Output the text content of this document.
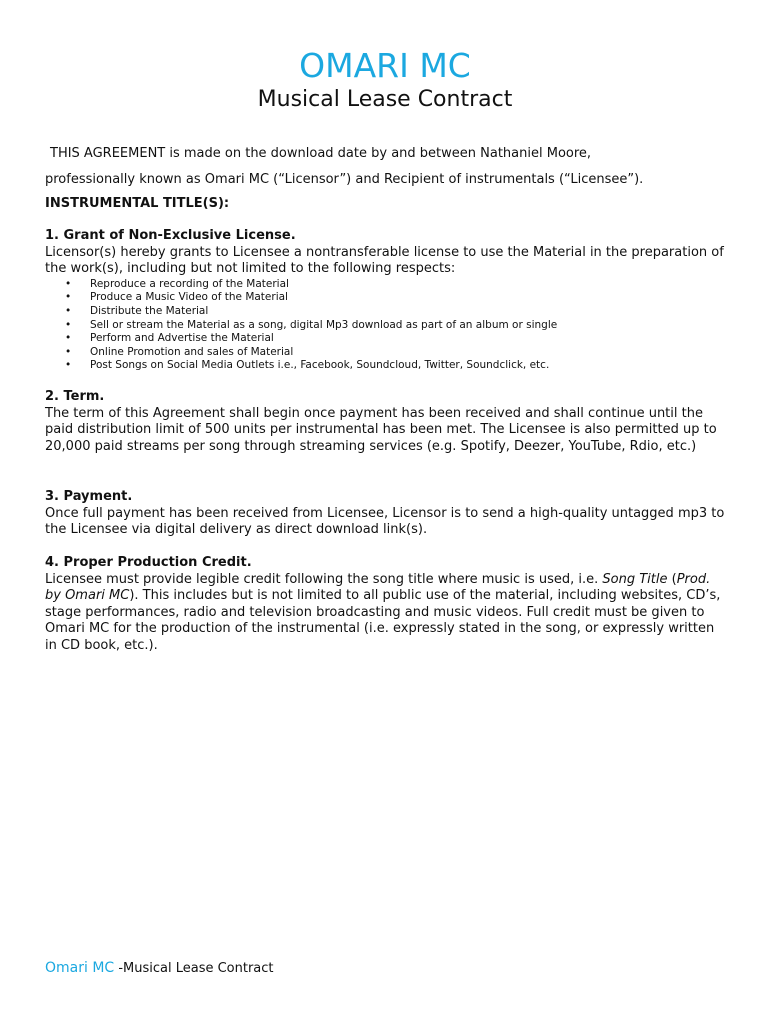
OMARI MC
Musical Lease Contract
THIS AGREEMENT is made on the download date by and between Nathaniel Moore,
professionally known as Omari MC (“Licensor”) and Recipient of instrumentals (“Licensee”).
INSTRUMENTAL TITLE(S):
1. Grant of Non-Exclusive License.

Licensor(s) hereby grants to Licensee a nontransferable license to use the Material in the preparation of the work(s), including but not limited to the following respects:

• Reproduce a recording of the Material
• Produce a Music Video of the Material
• Distribute the Material
• Sell or stream the Material as a song, digital Mp3 download as part of an album or single
• Perform and Advertise the Material
• Online Promotion and sales of Material
• Post Songs on Social Media Outlets i.e., Facebook, Soundcloud, Twitter, Soundclick, etc.
2. Term.

The term of this Agreement shall begin once payment has been received and shall continue until the paid distribution limit of 500 units per instrumental has been met. The Licensee is also permitted up to 20,000 paid streams per song through streaming services (e.g. Spotify, Deezer, YouTube, Rdio, etc.)

3. Payment.

Once full payment has been received from Licensee, Licensor is to send a high-quality untagged mp3 to the Licensee via digital delivery as direct download link(s).

4. Proper Production Credit.

Licensee must provide legible credit following the song title where music is used, i.e. Song Title (Prod. by Omari MC). This includes but is not limited to all public use of the material, including websites, CD’s, stage performances, radio and television broadcasting and music videos. Full credit must be given to Omari MC for the production of the instrumental (i.e. expressly stated in the song, or expressly written in CD book, etc.).

Omari MC -Musical Lease Contract
